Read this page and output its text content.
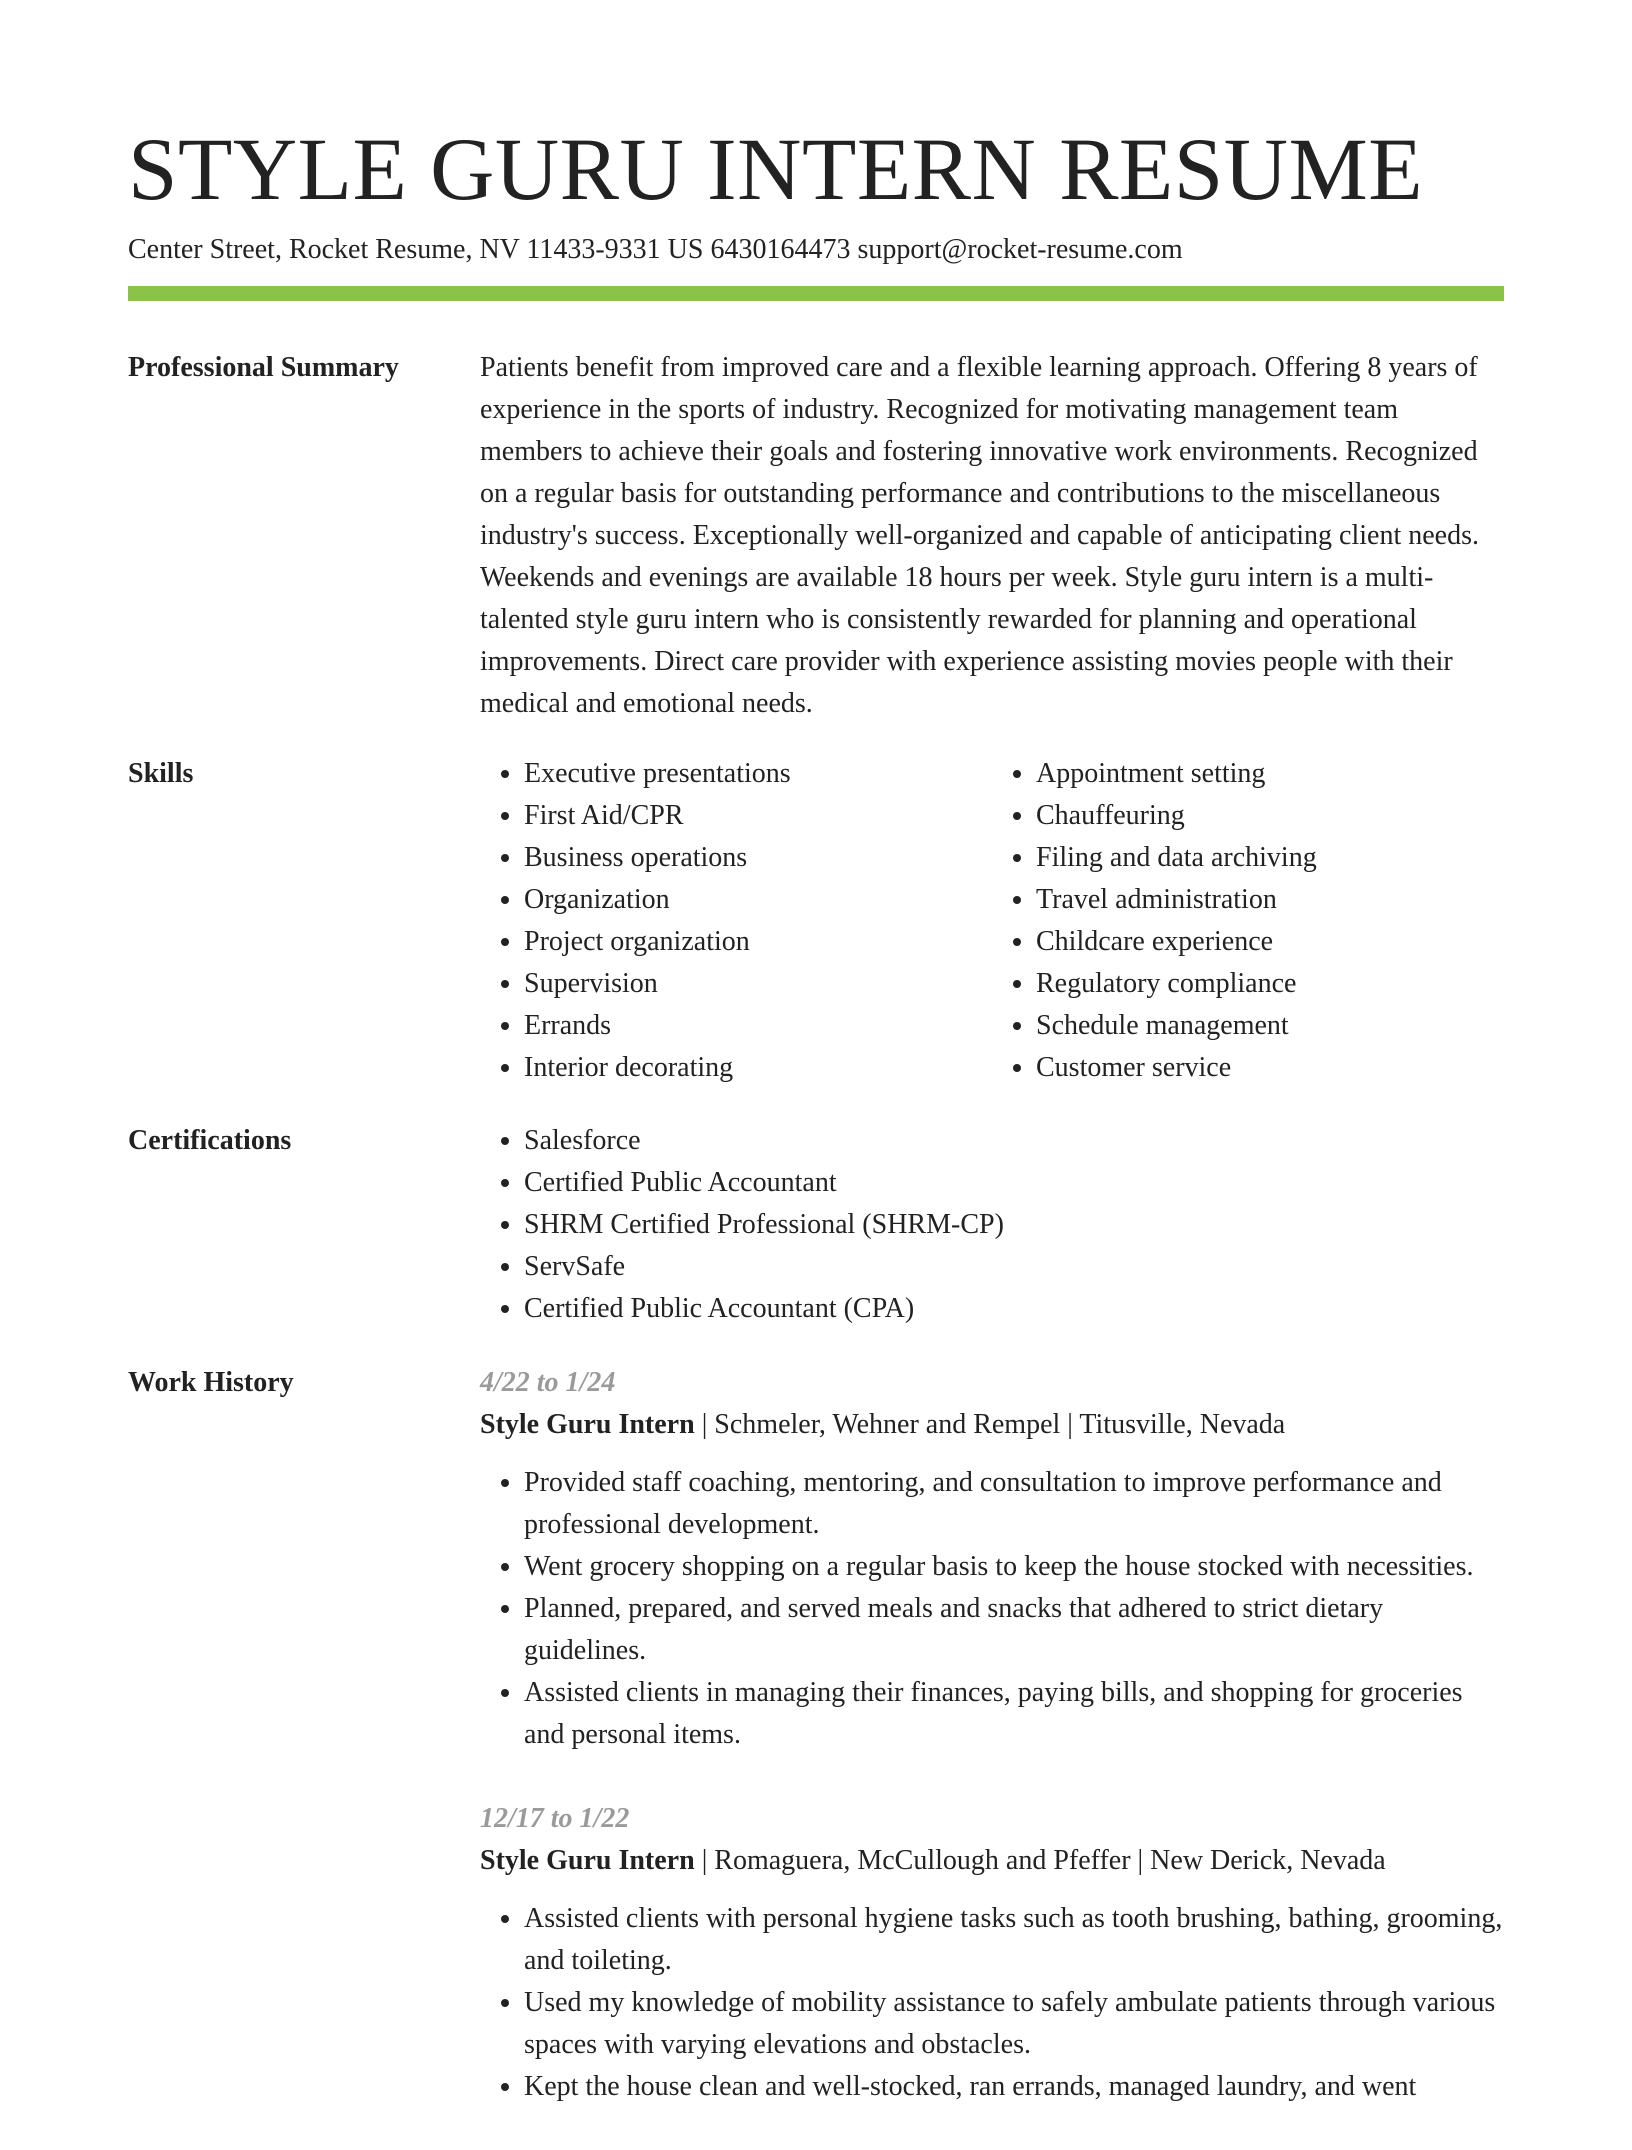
STYLE GURU INTERN RESUME
Center Street, Rocket Resume, NV 11433-9331 US 6430164473 support@rocket-resume.com
Professional Summary	Patients benefit from improved care and a flexible learning approach. Offering 8 years of experience in the sports of industry. Recognized for motivating management team members to achieve their goals and fostering innovative work environments. Recognized on a regular basis for outstanding performance and contributions to the miscellaneous industry's success. Exceptionally well-organized and capable of anticipating client needs. Weekends and evenings are available 18 hours per week. Style guru intern is a multi-talented style guru intern who is consistently rewarded for planning and operational improvements. Direct care provider with experience assisting movies people with their medical and emotional needs.

Skills	• Executive presentations
• First Aid/CPR
• Business operations
• Organization
• Project organization
• Supervision
• Errands
• Interior decorating
• Appointment setting
• Chauffeuring
• Filing and data archiving
• Travel administration
• Childcare experience
• Regulatory compliance
• Schedule management
• Customer service
Certifications	• Salesforce
• Certified Public Accountant
• SHRM Certified Professional (SHRM-CP)
• ServSafe
• Certified Public Accountant (CPA)
Work History	4/22 to 1/24
Style Guru Intern | Schmeler, Wehner and Rempel | Titusville, Nevada
• Provided staff coaching, mentoring, and consultation to improve performance and professional development.
• Went grocery shopping on a regular basis to keep the house stocked with necessities.
• Planned, prepared, and served meals and snacks that adhered to strict dietary guidelines.
• Assisted clients in managing their finances, paying bills, and shopping for groceries and personal items.
12/17 to 1/22
Style Guru Intern | Romaguera, McCullough and Pfeffer | New Derick, Nevada
• Assisted clients with personal hygiene tasks such as tooth brushing, bathing, grooming, and toileting.
• Used my knowledge of mobility assistance to safely ambulate patients through various spaces with varying elevations and obstacles.
• Kept the house clean and well-stocked, ran errands, managed laundry, and went
